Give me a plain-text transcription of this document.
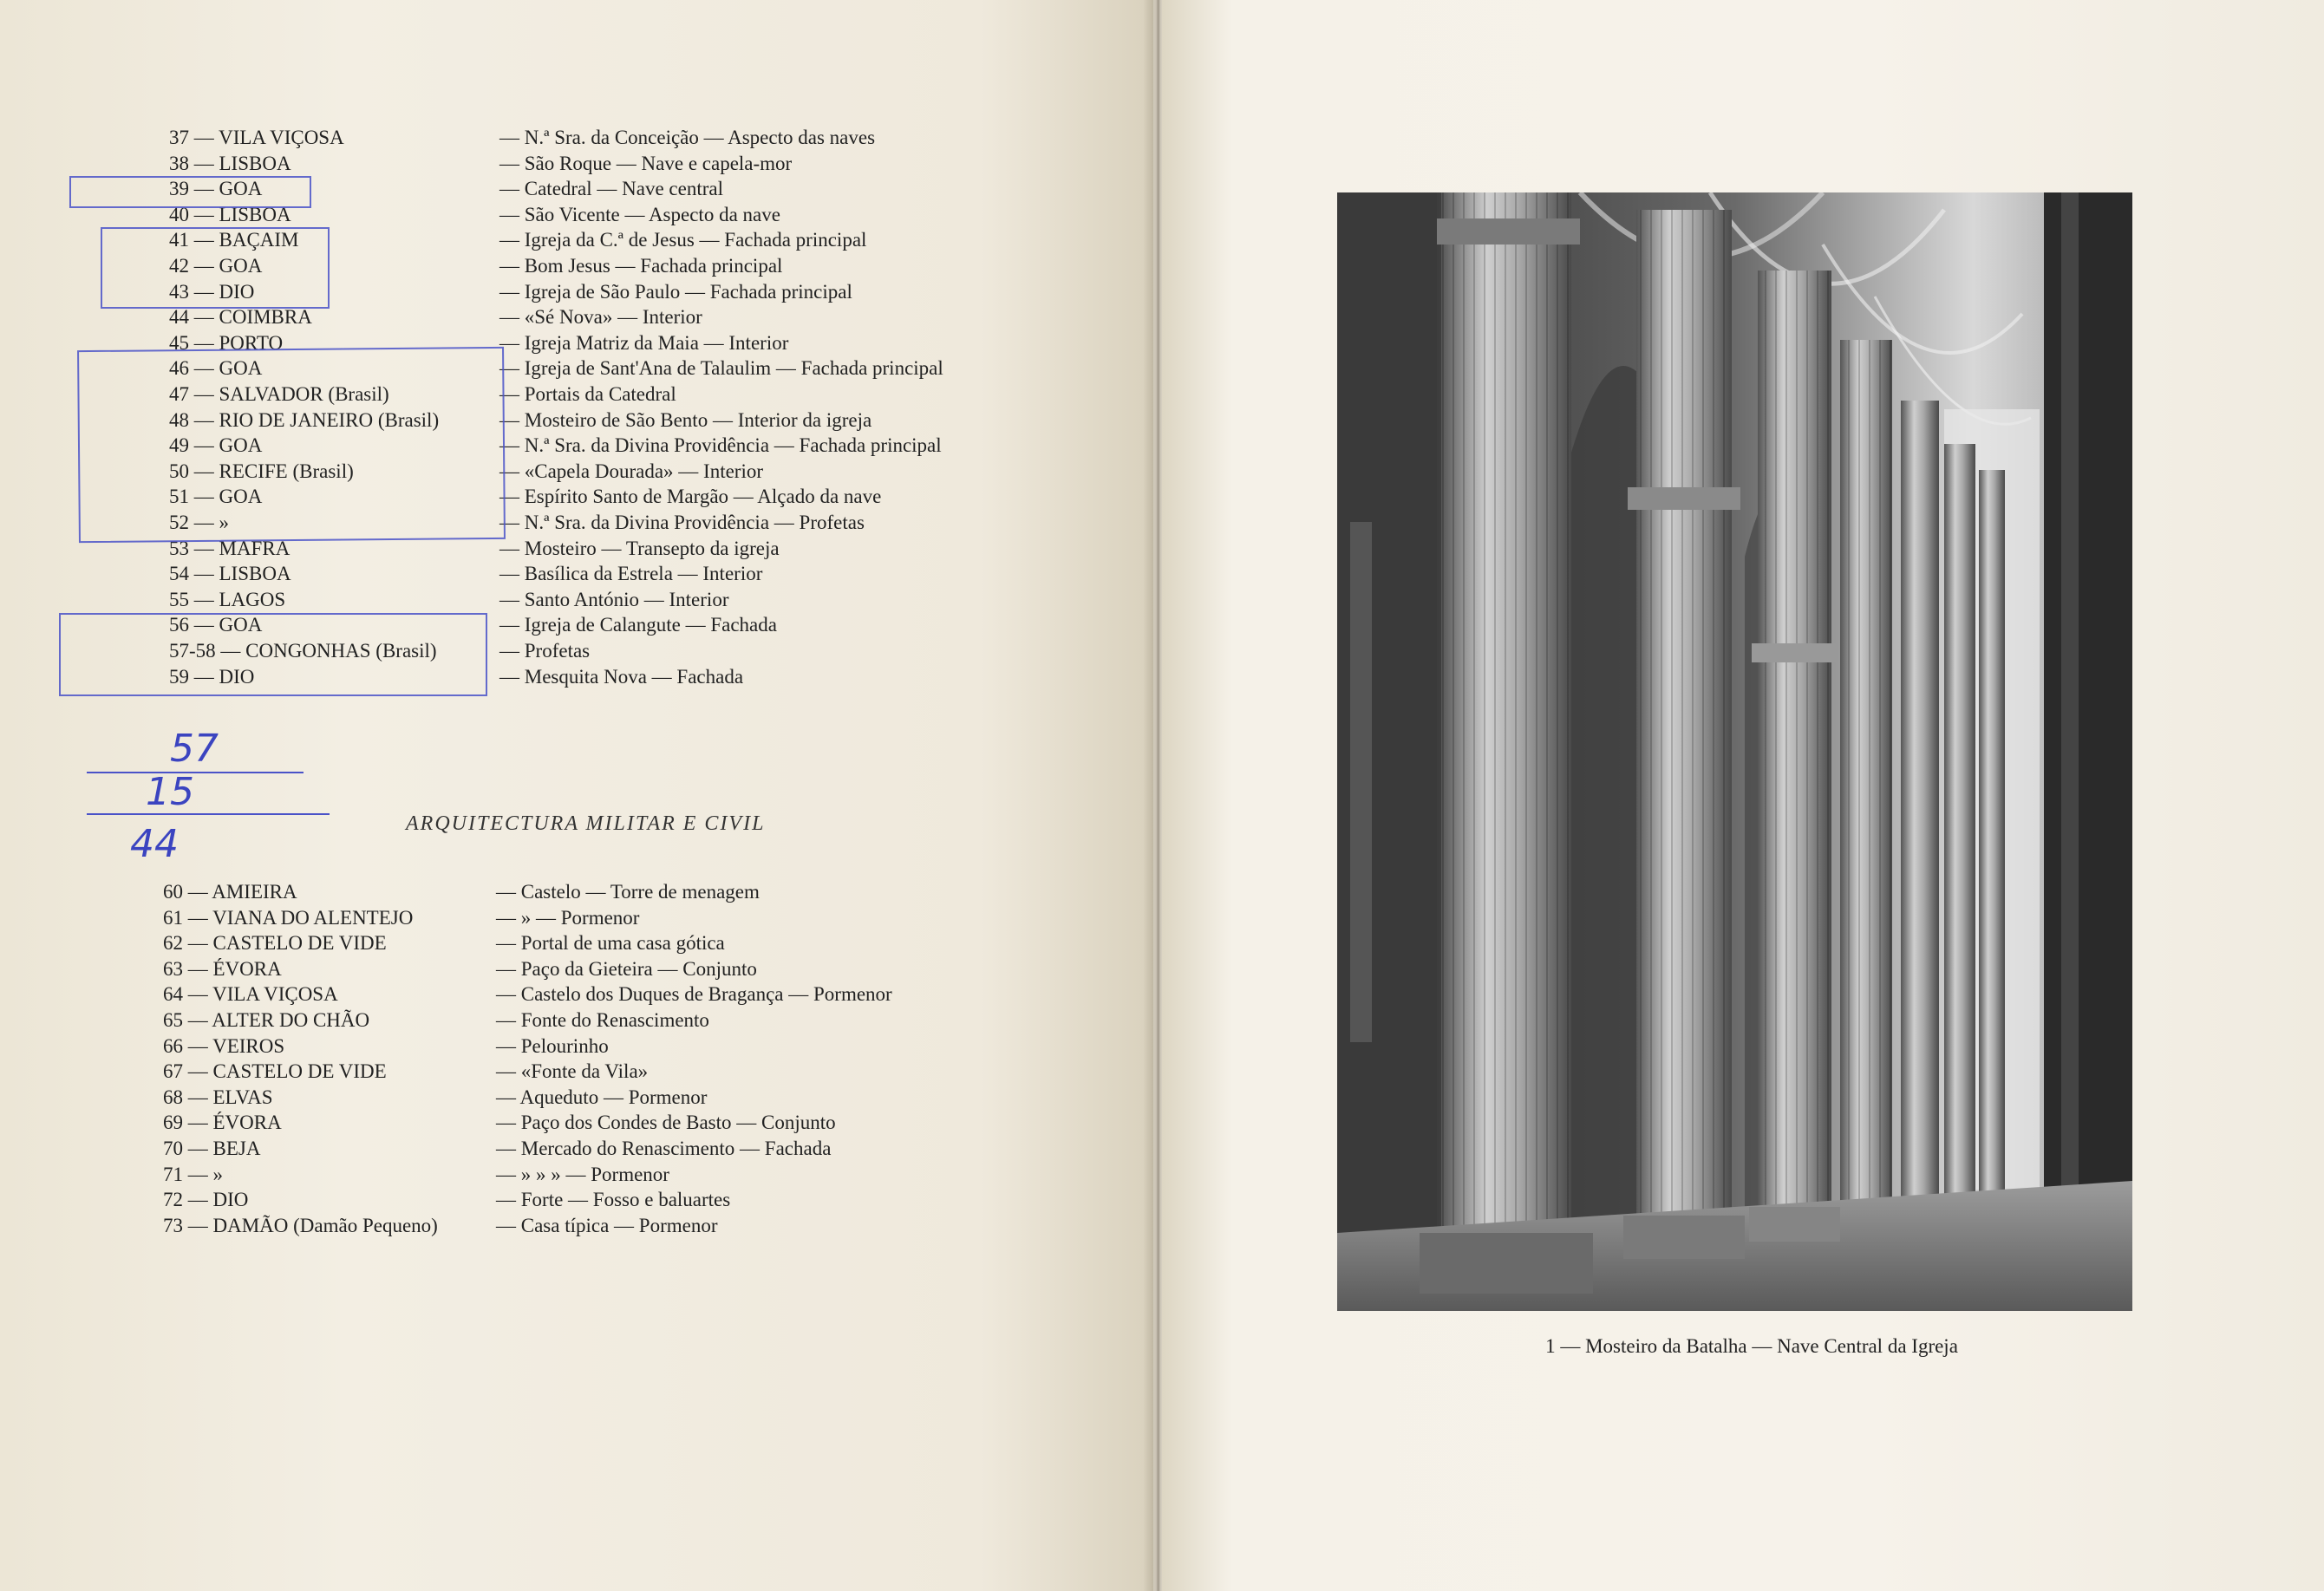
37 — VILA VIÇOSA	— N.ª Sra. da Conceição — Aspecto das naves
38 — LISBOA	— São Roque — Nave e capela-mor
39 — GOA	— Catedral — Nave central
40 — LISBOA	— São Vicente — Aspecto da nave
41 — BAÇAIM	— Igreja da C.ª de Jesus — Fachada principal
42 — GOA	— Bom Jesus — Fachada principal
43 — DIO	— Igreja de São Paulo — Fachada principal
44 — COIMBRA	— «Sé Nova» — Interior
45 — PORTO	— Igreja Matriz da Maia — Interior
46 — GOA	— Igreja de Sant'Ana de Talaulim — Fachada principal
47 — SALVADOR (Brasil)	— Portais da Catedral
48 — RIO DE JANEIRO (Brasil)	— Mosteiro de São Bento — Interior da igreja
49 — GOA	— N.ª Sra. da Divina Providência — Fachada principal
50 — RECIFE (Brasil)	— «Capela Dourada» — Interior
51 — GOA	— Espírito Santo de Margão — Alçado da nave
52 — »	— N.ª Sra. da Divina Providência — Profetas
53 — MAFRA	— Mosteiro — Transepto da igreja
54 — LISBOA	— Basílica da Estrela — Interior
55 — LAGOS	— Santo António — Interior
56 — GOA	— Igreja de Calangute — Fachada
57-58 — CONGONHAS (Brasil)	— Profetas
59 — DIO	— Mesquita Nova — Fachada
ARQUITECTURA MILITAR E CIVIL
60 — AMIEIRA	— Castelo — Torre de menagem
61 — VIANA DO ALENTEJO	— » — Pormenor
62 — CASTELO DE VIDE	— Portal de uma casa gótica
63 — ÉVORA	— Paço da Gieteira — Conjunto
64 — VILA VIÇOSA	— Castelo dos Duques de Bragança — Pormenor
65 — ALTER DO CHÃO	— Fonte do Renascimento
66 — VEIROS	— Pelourinho
67 — CASTELO DE VIDE	— «Fonte da Vila»
68 — ELVAS	— Aqueduto — Pormenor
69 — ÉVORA	— Paço dos Condes de Basto — Conjunto
70 — BEJA	— Mercado do Renascimento — Fachada
71 — »	— » » » — Pormenor
72 — DIO	— Forte — Fosso e baluartes
73 — DAMÃO (Damão Pequeno)	— Casa típica — Pormenor
57
15
44
1 — Mosteiro da Batalha — Nave Central da Igreja
